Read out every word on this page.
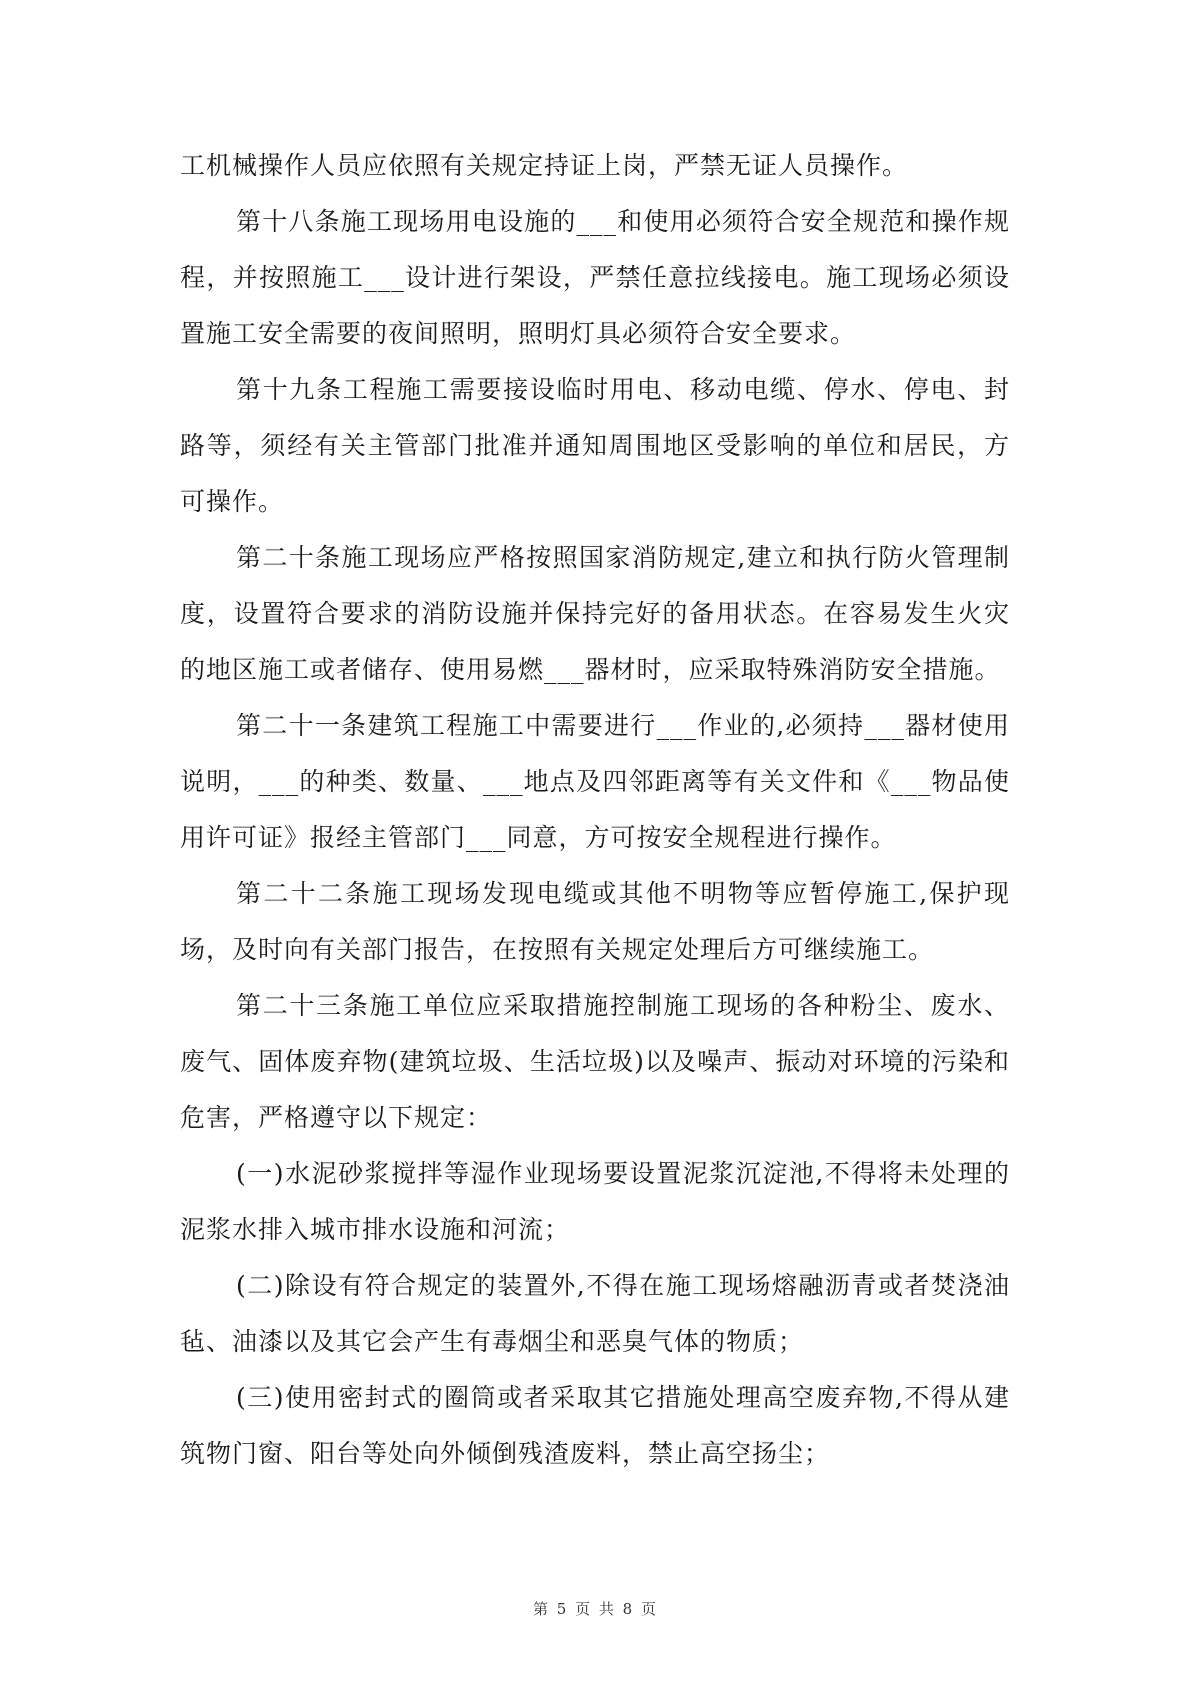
工机械操作人员应依照有关规定持证上岗，严禁无证人员操作。

第十八条施工现场用电设施的___和使用必须符合安全规范和操作规程，并按照施工___设计进行架设，严禁任意拉线接电。施工现场必须设置施工安全需要的夜间照明，照明灯具必须符合安全要求。

第十九条工程施工需要接设临时用电、移动电缆、停水、停电、封路等，须经有关主管部门批准并通知周围地区受影响的单位和居民，方可操作。

第二十条施工现场应严格按照国家消防规定,建立和执行防火管理制度，设置符合要求的消防设施并保持完好的备用状态。在容易发生火灾的地区施工或者储存、使用易燃___器材时，应采取特殊消防安全措施。

第二十一条建筑工程施工中需要进行___作业的,必须持___器材使用说明，___的种类、数量、___地点及四邻距离等有关文件和《___物品使用许可证》报经主管部门___同意，方可按安全规程进行操作。

第二十二条施工现场发现电缆或其他不明物等应暂停施工,保护现场，及时向有关部门报告，在按照有关规定处理后方可继续施工。

第二十三条施工单位应采取措施控制施工现场的各种粉尘、废水、废气、固体废弃物(建筑垃圾、生活垃圾)以及噪声、振动对环境的污染和危害，严格遵守以下规定：

(一)水泥砂浆搅拌等湿作业现场要设置泥浆沉淀池,不得将未处理的泥浆水排入城市排水设施和河流；

(二)除设有符合规定的装置外,不得在施工现场熔融沥青或者焚浇油毡、油漆以及其它会产生有毒烟尘和恶臭气体的物质；

(三)使用密封式的圈筒或者采取其它措施处理高空废弃物,不得从建筑物门窗、阳台等处向外倾倒残渣废料，禁止高空扬尘；

第 5 页 共 8 页
